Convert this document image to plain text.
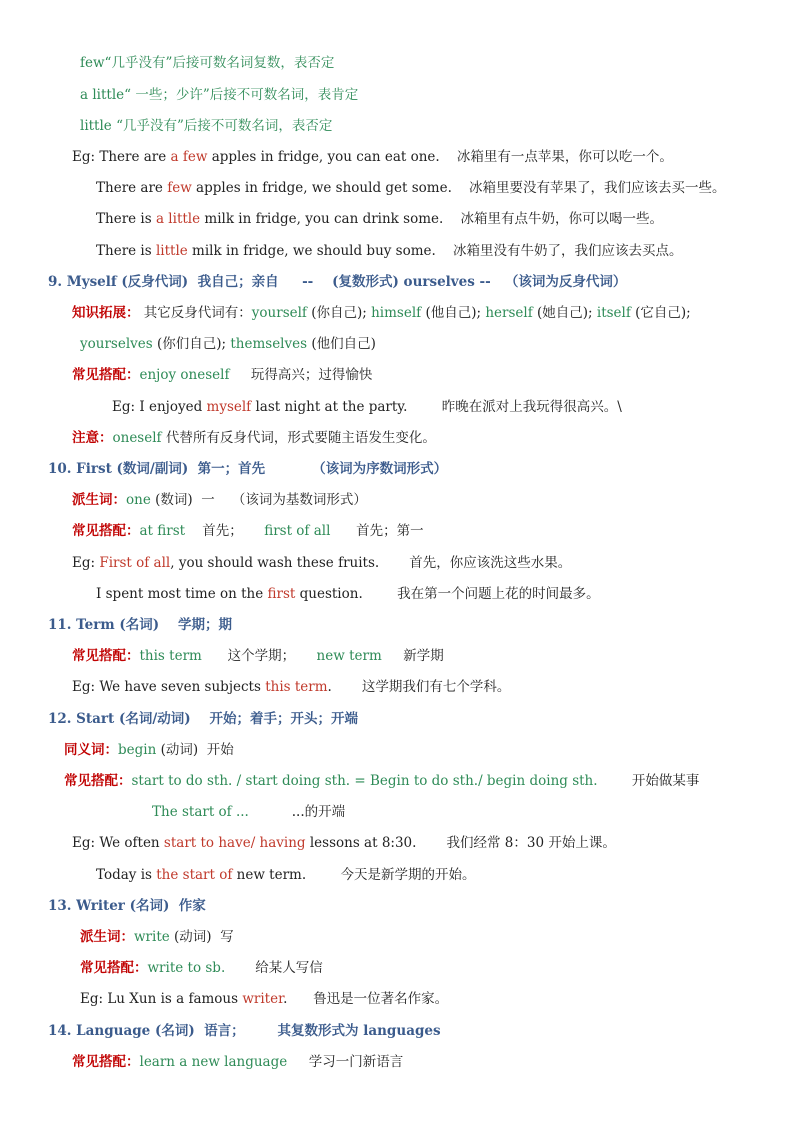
few“几乎没有”后接可数名词复数，表否定
a little“ 一些；少许”后接不可数名词，表肯定
little “几乎没有”后接不可数名词，表否定
Eg: There are a few apples in fridge, you can eat one.    冰箱里有一点苹果，你可以吃一个。
There are few apples in fridge, we should get some.    冰箱里要没有苹果了，我们应该去买一些。
There is a little milk in fridge, you can drink some.    冰箱里有点牛奶，你可以喝一些。
There is little milk in fridge, we should buy some.    冰箱里没有牛奶了，我们应该去买点。
9. Myself (反身代词)  我自己；亲自     --    (复数形式) ourselves --   （该词为反身代词）
知识拓展： 其它反身代词有：yourself (你自己); himself (他自己); herself (她自己); itself (它自己);
yourselves (你们自己); themselves (他们自己)
常见搭配：enjoy oneself     玩得高兴；过得愉快
Eg: I enjoyed myself last night at the party.        昨晚在派对上我玩得很高兴。\
注意：oneself 代替所有反身代词，形式要随主语发生变化。
10. First (数词/副词)  第一；首先          （该词为序数词形式）
派生词：one (数词)  一    （该词为基数词形式）
常见搭配：at first    首先；     first of all      首先；第一
Eg: First of all, you should wash these fruits.       首先，你应该洗这些水果。
I spent most time on the first question.        我在第一个问题上花的时间最多。
11. Term (名词)    学期；期
常见搭配：this term      这个学期；     new term     新学期
Eg: We have seven subjects this term.       这学期我们有七个学科。
12. Start (名词/动词)    开始；着手；开头；开端
同义词：begin (动词)  开始
常见搭配：start to do sth. / start doing sth. = Begin to do sth./ begin doing sth.        开始做某事
The start of ...          ...的开端
Eg: We often start to have/ having lessons at 8:30.       我们经常 8：30 开始上课。
Today is the start of new term.        今天是新学期的开始。
13. Writer (名词)  作家
派生词：write (动词)  写
常见搭配：write to sb.       给某人写信
Eg: Lu Xun is a famous writer.      鲁迅是一位著名作家。
14. Language (名词)  语言；       其复数形式为 languages
常见搭配：learn a new language     学习一门新语言
